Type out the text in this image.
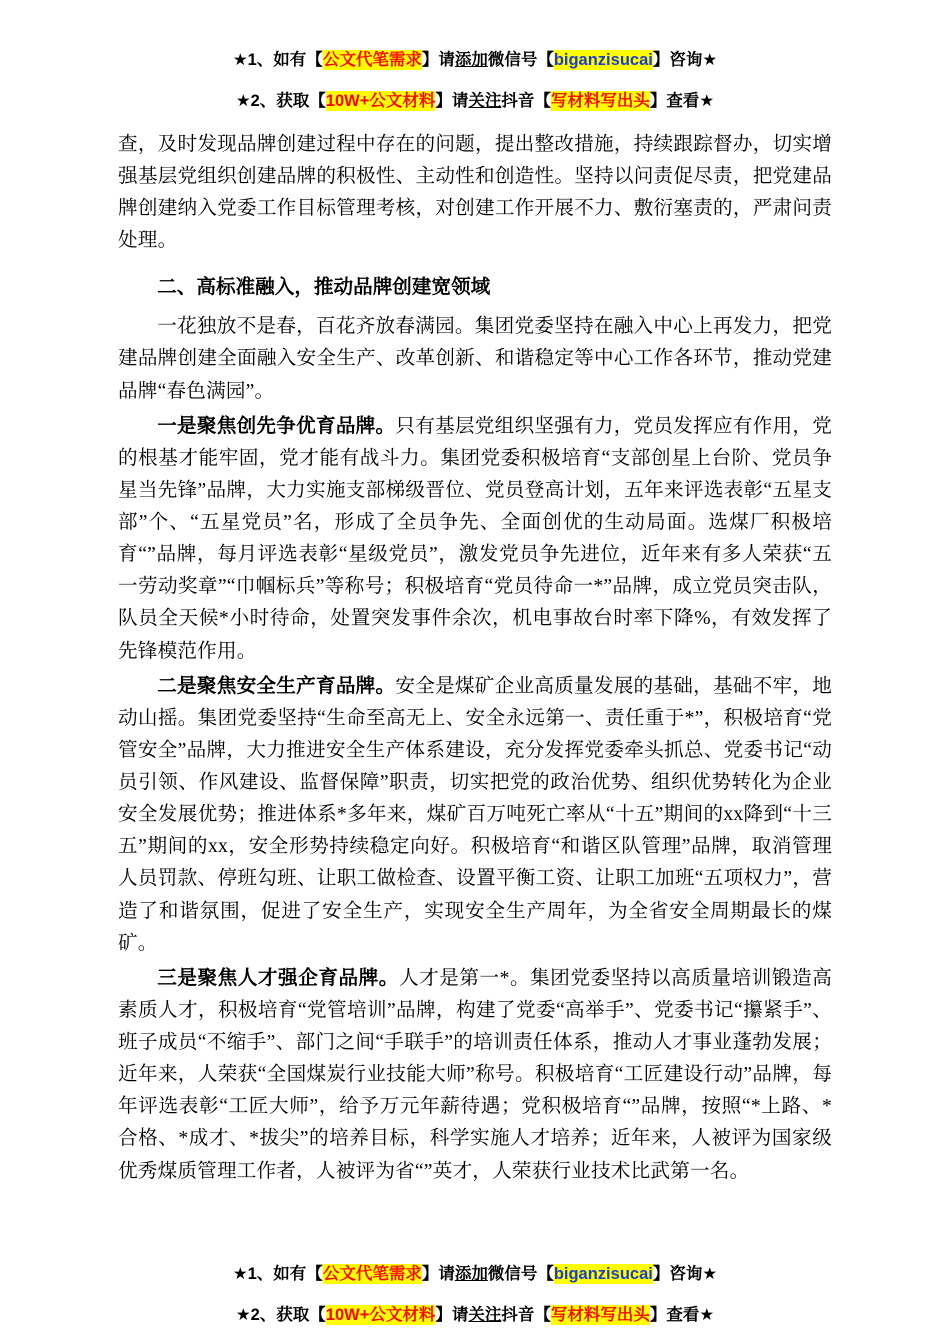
★1、如有【公文代笔需求】请添加微信号【biganzisucai】咨询★
★2、获取【10W+公文材料】请关注抖音【写材料写出头】查看★

查，及时发现品牌创建过程中存在的问题，提出整改措施，持续跟踪督办，切实增强基层党组织创建品牌的积极性、主动性和创造性。坚持以问责促尽责，把党建品牌创建纳入党委工作目标管理考核，对创建工作开展不力、敷衍塞责的，严肃问责处理。

二、高标准融入，推动品牌创建宽领域

一花独放不是春，百花齐放春满园。集团党委坚持在融入中心上再发力，把党建品牌创建全面融入安全生产、改革创新、和谐稳定等中心工作各环节，推动党建品牌“春色满园”。

一是聚焦创先争优育品牌。只有基层党组织坚强有力，党员发挥应有作用，党的根基才能牢固，党才能有战斗力。集团党委积极培育“支部创星上台阶、党员争星当先锋”品牌，大力实施支部梯级晋位、党员登高计划，五年来评选表彰“五星支部”个、“五星党员”名，形成了全员争先、全面创优的生动局面。选煤厂积极培育“”品牌，每月评选表彰“星级党员”，激发党员争先进位，近年来有多人荣获“五一劳动奖章”“巾帼标兵”等称号；积极培育“党员待命一*”品牌，成立党员突击队，队员全天候*小时待命，处置突发事件余次，机电事故台时率下降%，有效发挥了先锋模范作用。

二是聚焦安全生产育品牌。安全是煤矿企业高质量发展的基础，基础不牢，地动山摇。集团党委坚持“生命至高无上、安全永远第一、责任重于*”，积极培育“党管安全”品牌，大力推进安全生产体系建设，充分发挥党委牵头抓总、党委书记“动员引领、作风建设、监督保障”职责，切实把党的政治优势、组织优势转化为企业安全发展优势；推进体系*多年来，煤矿百万吨死亡率从“十五”期间的xx降到“十三五”期间的xx，安全形势持续稳定向好。积极培育“和谐区队管理”品牌，取消管理人员罚款、停班勾班、让职工做检查、设置平衡工资、让职工加班“五项权力”，营造了和谐氛围，促进了安全生产，实现安全生产周年，为全省安全周期最长的煤矿。

三是聚焦人才强企育品牌。人才是第一*。集团党委坚持以高质量培训锻造高素质人才，积极培育“党管培训”品牌，构建了党委“高举手”、党委书记“攥紧手”、班子成员“不缩手”、部门之间“手联手”的培训责任体系，推动人才事业蓬勃发展；近年来，人荣获“全国煤炭行业技能大师”称号。积极培育“工匠建设行动”品牌，每年评选表彰“工匠大师”，给予万元年薪待遇；党积极培育“”品牌，按照“*上路、*合格、*成才、*拔尖”的培养目标，科学实施人才培养；近年来，人被评为国家级优秀煤质管理工作者，人被评为省“”英才，人荣获行业技术比武第一名。

★1、如有【公文代笔需求】请添加微信号【biganzisucai】咨询★
★2、获取【10W+公文材料】请关注抖音【写材料写出头】查看★
